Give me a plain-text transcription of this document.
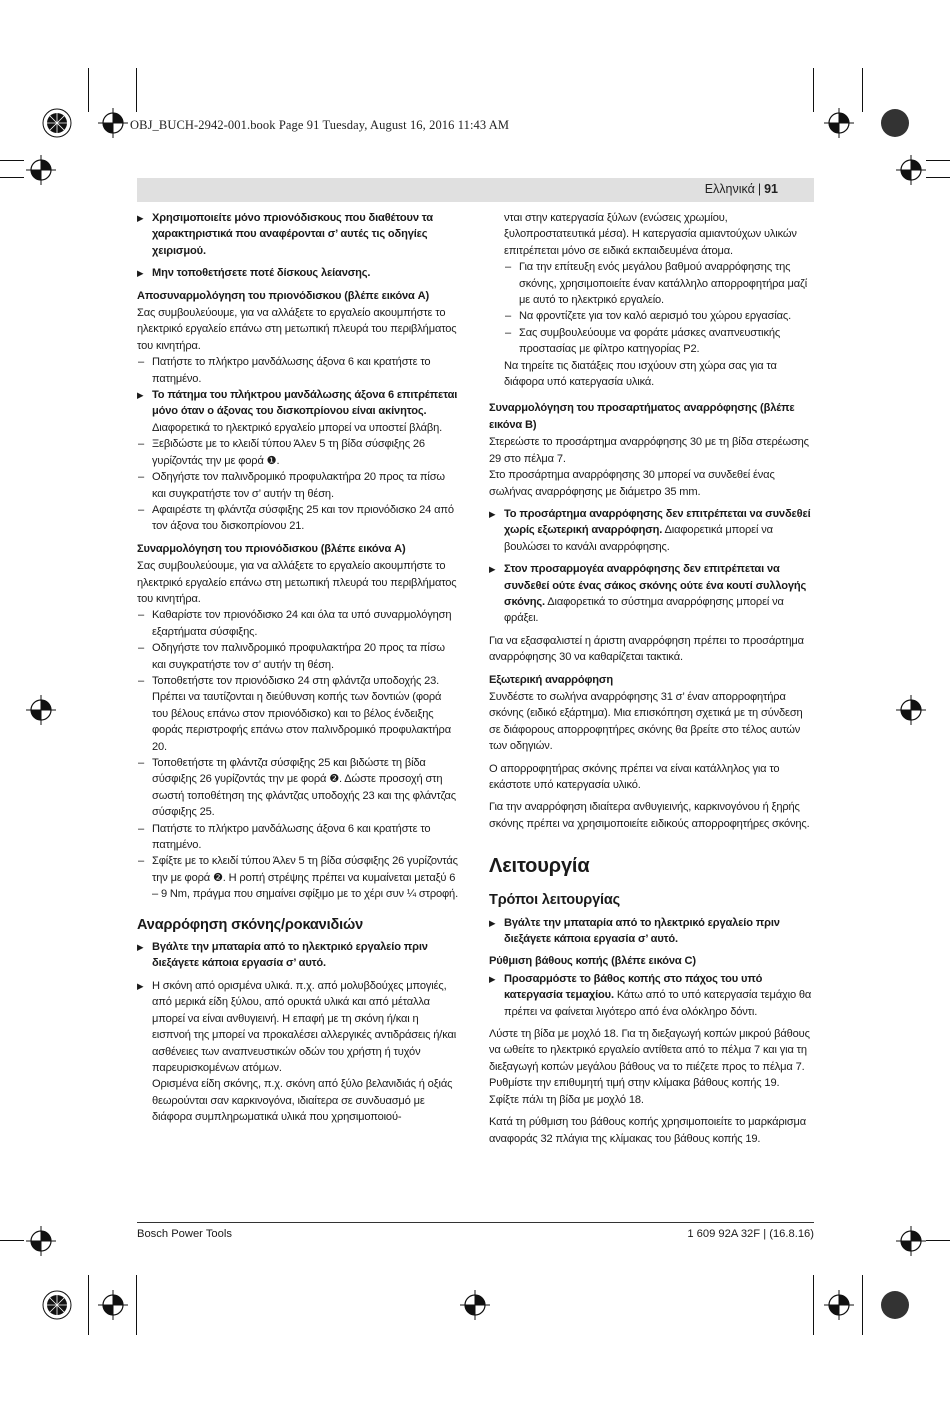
OBJ_BUCH-2942-001.book Page 91 Tuesday, August 16, 2016 11:43 AM
Ελληνικά | 91

▶ Χρησιμοποιείτε μόνο πριονόδισκους που διαθέτουν τα χαρακτηριστικά που αναφέρονται σ’ αυτές τις οδηγίες χειρισμού.

▶ Μην τοποθετήσετε ποτέ δίσκους λείανσης.

Αποσυναρμολόγηση του πριονόδισκου (βλέπε εικόνα A)

Σας συμβουλεύουμε, για να αλλάξετε το εργαλείο ακουμπήστε το ηλεκτρικό εργαλείο επάνω στη μετωπική πλευρά του περιβλήματος του κινητήρα.

– Πατήστε το πλήκτρο μανδάλωσης άξονα 6 και κρατήστε το πατημένο.

▶ Το πάτημα του πλήκτρου μανδάλωσης άξονα 6 επιτρέπεται μόνο όταν ο άξονας του δισκοπρίονου είναι ακίνητος. Διαφορετικά το ηλεκτρικό εργαλείο μπορεί να υποστεί βλάβη.

– Ξεβιδώστε με το κλειδί τύπου Άλεν 5 τη βίδα σύσφιξης 26 γυρίζοντάς την με φορά ❶.

– Οδηγήστε τον παλινδρομικό προφυλακτήρα 20 προς τα πίσω και συγκρατήστε τον σ’ αυτήν τη θέση.

– Αφαιρέστε τη φλάντζα σύσφιξης 25 και τον πριονόδισκο 24 από τον άξονα του δισκοπρίονου 21.

Συναρμολόγηση του πριονόδισκου (βλέπε εικόνα A)

Σας συμβουλεύουμε, για να αλλάξετε το εργαλείο ακουμπήστε το ηλεκτρικό εργαλείο επάνω στη μετωπική πλευρά του περιβλήματος του κινητήρα.

– Καθαρίστε τον πριονόδισκο 24 και όλα τα υπό συναρμολόγηση εξαρτήματα σύσφιξης.

– Οδηγήστε τον παλινδρομικό προφυλακτήρα 20 προς τα πίσω και συγκρατήστε τον σ’ αυτήν τη θέση.

– Τοποθετήστε τον πριονόδισκο 24 στη φλάντζα υποδοχής 23. Πρέπει να ταυτίζονται η διεύθυνση κοπής των δοντιών (φορά του βέλους επάνω στον πριονόδισκο) και το βέλος ένδειξης φοράς περιστροφής επάνω στον παλινδρομικό προφυλακτήρα 20.

– Τοποθετήστε τη φλάντζα σύσφιξης 25 και βιδώστε τη βίδα σύσφιξης 26 γυρίζοντάς την με φορά ❷. Δώστε προσοχή στη σωστή τοποθέτηση της φλάντζας υποδοχής 23 και της φλάντζας σύσφιξης 25.

– Πατήστε το πλήκτρο μανδάλωσης άξονα 6 και κρατήστε το πατημένο.

– Σφίξτε με το κλειδί τύπου Άλεν 5 τη βίδα σύσφιξης 26 γυρίζοντάς την με φορά ❷. Η ροπή στρέψης πρέπει να κυμαίνεται μεταξύ 6 – 9 Nm, πράγμα που σημαίνει σφίξιμο με το χέρι συν ¼ στροφή.

Αναρρόφηση σκόνης/ροκανιδιών

▶ Βγάλτε την μπαταρία από το ηλεκτρικό εργαλείο πριν διεξάγετε κάποια εργασία σ’ αυτό.

▶ Η σκόνη από ορισμένα υλικά. π.χ. από μολυβδούχες μπογιές, από μερικά είδη ξύλου, από ορυκτά υλικά και από μέταλλα μπορεί να είναι ανθυγιεινή. Η επαφή με τη σκόνη ή/και η εισπνοή της μπορεί να προκαλέσει αλλεργικές αντιδράσεις ή/και ασθένειες των αναπνευστικών οδών του χρήστη ή τυχόν παρευρισκομένων ατόμων.

Ορισμένα είδη σκόνης, π.χ. σκόνη από ξύλο βελανιδιάς ή οξιάς θεωρούνται σαν καρκινογόνα, ιδιαίτερα σε συνδυασμό με διάφορα συμπληρωματικά υλικά που χρησιμοποιού-

νται στην κατεργασία ξύλων (ενώσεις χρωμίου, ξυλοπροστατευτικά μέσα). Η κατεργασία αμιαντούχων υλικών επιτρέπεται μόνο σε ειδικά εκπαιδευμένα άτομα.

– Για την επίτευξη ενός μεγάλου βαθμού αναρρόφησης της σκόνης, χρησιμοποιείτε έναν κατάλληλο απορροφητήρα μαζί με αυτό το ηλεκτρικό εργαλείο.

– Να φροντίζετε για τον καλό αερισμό του χώρου εργασίας.

– Σας συμβουλεύουμε να φοράτε μάσκες αναπνευστικής προστασίας με φίλτρο κατηγορίας P2.

Να τηρείτε τις διατάξεις που ισχύουν στη χώρα σας για τα διάφορα υπό κατεργασία υλικά.

Συναρμολόγηση του προσαρτήματος αναρρόφησης (βλέπε εικόνα B)

Στερεώστε το προσάρτημα αναρρόφησης 30 με τη βίδα στερέωσης 29 στο πέλμα 7.

Στο προσάρτημα αναρρόφησης 30 μπορεί να συνδεθεί ένας σωλήνας αναρρόφησης με διάμετρο 35 mm.

▶ Το προσάρτημα αναρρόφησης δεν επιτρέπεται να συνδεθεί χωρίς εξωτερική αναρρόφηση. Διαφορετικά μπορεί να βουλώσει το κανάλι αναρρόφησης.

▶ Στον προσαρμογέα αναρρόφησης δεν επιτρέπεται να συνδεθεί ούτε ένας σάκος σκόνης ούτε ένα κουτί συλλογής σκόνης. Διαφορετικά το σύστημα αναρρόφησης μπορεί να φράξει.

Για να εξασφαλιστεί η άριστη αναρρόφηση πρέπει το προσάρτημα αναρρόφησης 30 να καθαρίζεται τακτικά.

Εξωτερική αναρρόφηση

Συνδέστε το σωλήνα αναρρόφησης 31 σ’ έναν απορροφητήρα σκόνης (ειδικό εξάρτημα). Μια επισκόπηση σχετικά με τη σύνδεση σε διάφορους απορροφητήρες σκόνης θα βρείτε στο τέλος αυτών των οδηγιών.

Ο απορροφητήρας σκόνης πρέπει να είναι κατάλληλος για το εκάστοτε υπό κατεργασία υλικό.

Για την αναρρόφηση ιδιαίτερα ανθυγιεινής, καρκινογόνου ή ξηρής σκόνης πρέπει να χρησιμοποιείτε ειδικούς απορροφητήρες σκόνης.

Λειτουργία

Τρόποι λειτουργίας

▶ Βγάλτε την μπαταρία από το ηλεκτρικό εργαλείο πριν διεξάγετε κάποια εργασία σ’ αυτό.

Ρύθμιση βάθους κοπής (βλέπε εικόνα C)

▶ Προσαρμόστε το βάθος κοπής στο πάχος του υπό κατεργασία τεμαχίου. Κάτω από το υπό κατεργασία τεμάχιο θα πρέπει να φαίνεται λιγότερο από ένα ολόκληρο δόντι.

Λύστε τη βίδα με μοχλό 18. Για τη διεξαγωγή κοπών μικρού βάθους να ωθείτε το ηλεκτρικό εργαλείο αντίθετα από το πέλμα 7 και για τη διεξαγωγή κοπών μεγάλου βάθους να το πιέζετε προς το πέλμα 7. Ρυθμίστε την επιθυμητή τιμή στην κλίμακα βάθους κοπής 19. Σφίξτε πάλι τη βίδα με μοχλό 18.

Κατά τη ρύθμιση του βάθους κοπής χρησιμοποιείτε το μαρκάρισμα αναφοράς 32 πλάγια της κλίμακας του βάθους κοπής 19.

Bosch Power Tools	1 609 92A 32F | (16.8.16)
